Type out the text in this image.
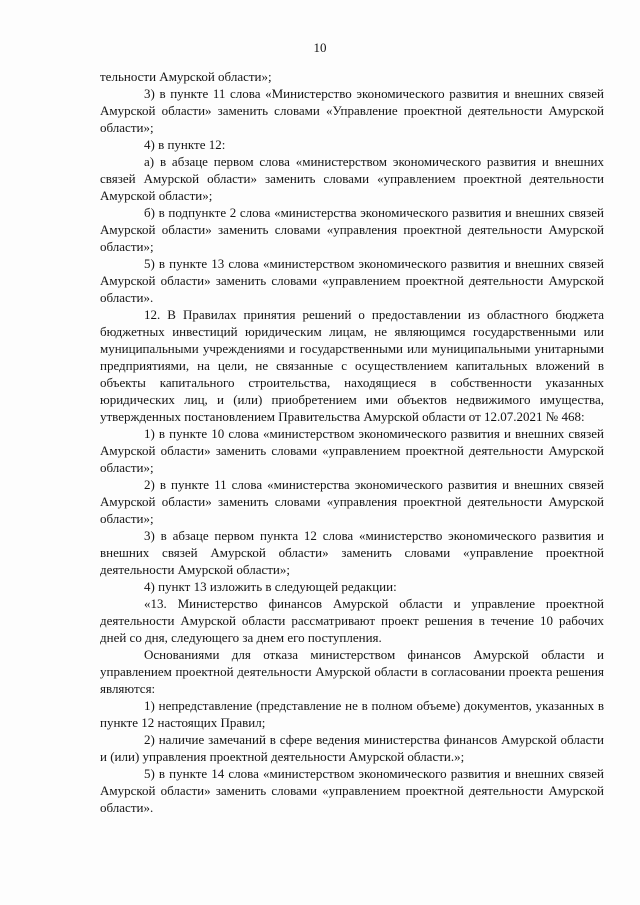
10

тельности Амурской области»;

3) в пункте 11 слова «Министерство экономического развития и внешних связей Амурской области» заменить словами «Управление проектной деятельности Амурской области»;

4) в пункте 12:

а) в абзаце первом слова «министерством экономического развития и внешних связей Амурской области» заменить словами «управлением проектной деятельности Амурской области»;

б) в подпункте 2 слова «министерства экономического развития и внешних связей Амурской области» заменить словами «управления проектной деятельности Амурской области»;

5) в пункте 13 слова «министерством экономического развития и внешних связей Амурской области» заменить словами «управлением проектной деятельности Амурской области».

12. В Правилах принятия решений о предоставлении из областного бюджета бюджетных инвестиций юридическим лицам, не являющимся государственными или муниципальными учреждениями и государственными или муниципальными унитарными предприятиями, на цели, не связанные с осуществлением капитальных вложений в объекты капитального строительства, находящиеся в собственности указанных юридических лиц, и (или) приобретением ими объектов недвижимого имущества, утвержденных постановлением Правительства Амурской области от 12.07.2021 № 468:

1) в пункте 10 слова «министерством экономического развития и внешних связей Амурской области» заменить словами «управлением проектной деятельности Амурской области»;

2) в пункте 11 слова «министерства экономического развития и внешних связей Амурской области» заменить словами «управления проектной деятельности Амурской области»;

3) в абзаце первом пункта 12 слова «министерство экономического развития и внешних связей Амурской области» заменить словами «управление проектной деятельности Амурской области»;

4) пункт 13 изложить в следующей редакции:

«13. Министерство финансов Амурской области и управление проектной деятельности Амурской области рассматривают проект решения в течение 10 рабочих дней со дня, следующего за днем его поступления.

Основаниями для отказа министерством финансов Амурской области и управлением проектной деятельности Амурской области в согласовании проекта решения являются:

1) непредставление (представление не в полном объеме) документов, указанных в пункте 12 настоящих Правил;

2) наличие замечаний в сфере ведения министерства финансов Амурской области и (или) управления проектной деятельности Амурской области.»;

5) в пункте 14 слова «министерством экономического развития и внешних связей Амурской области» заменить словами «управлением проектной деятельности Амурской области».
